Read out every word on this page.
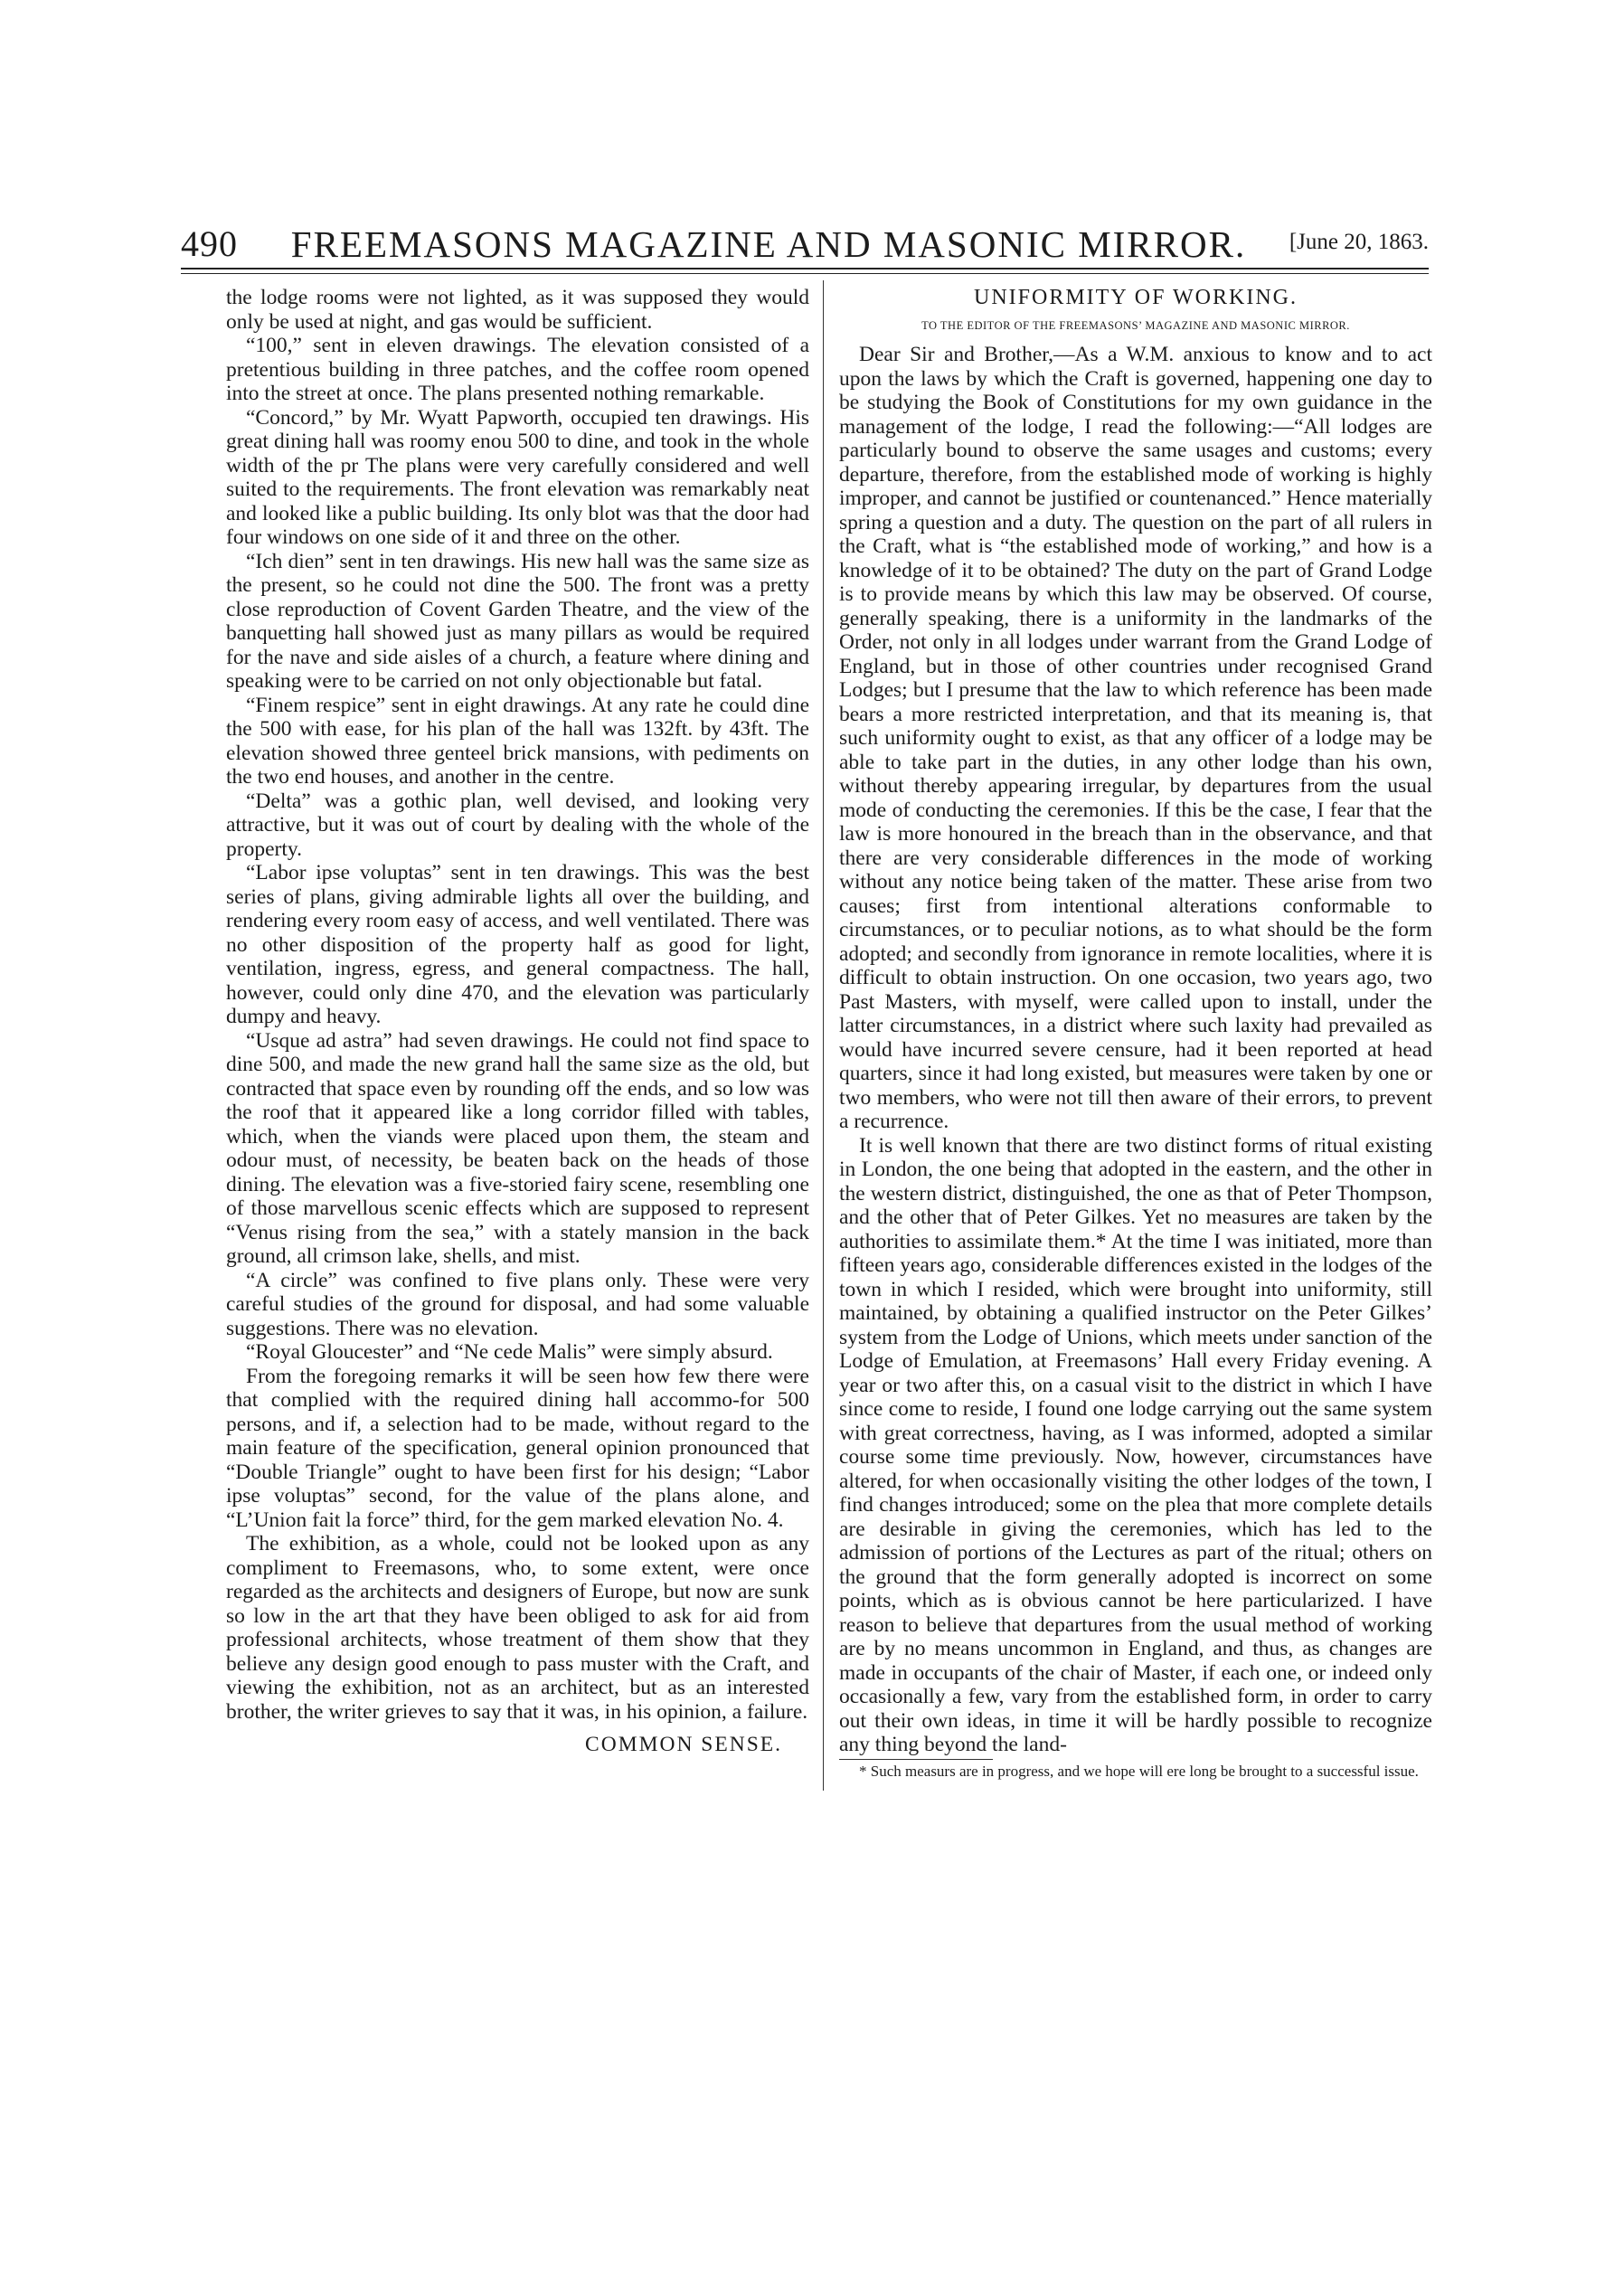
490	FREEMASONS MAGAZINE AND MASONIC MIRROR.	[June 20, 1863.

the lodge rooms were not lighted, as it was supposed they would only be used at night, and gas would be sufficient.

“100,” sent in eleven drawings. The elevation consisted of a pretentious building in three patches, and the coffee room opened into the street at once. The plans presented nothing remarkable.

“Concord,” by Mr. Wyatt Papworth, occupied ten drawings. His great dining hall was roomy enou 500 to dine, and took in the whole width of the pr The plans were very carefully considered and well suited to the requirements. The front elevation was remarkably neat and looked like a public building. Its only blot was that the door had four windows on one side of it and three on the other.

“Ich dien” sent in ten drawings. His new hall was the same size as the present, so he could not dine the 500. The front was a pretty close reproduction of Covent Garden Theatre, and the view of the banquetting hall showed just as many pillars as would be required for the nave and side aisles of a church, a feature where dining and speaking were to be carried on not only objectionable but fatal.

“Finem respice” sent in eight drawings. At any rate he could dine the 500 with ease, for his plan of the hall was 132ft. by 43ft. The elevation showed three genteel brick mansions, with pediments on the two end houses, and another in the centre.

“Delta” was a gothic plan, well devised, and looking very attractive, but it was out of court by dealing with the whole of the property.

“Labor ipse voluptas” sent in ten drawings. This was the best series of plans, giving admirable lights all over the building, and rendering every room easy of access, and well ventilated. There was no other disposition of the property half as good for light, ventilation, ingress, egress, and general compactness. The hall, however, could only dine 470, and the elevation was particularly dumpy and heavy.

“Usque ad astra” had seven drawings. He could not find space to dine 500, and made the new grand hall the same size as the old, but contracted that space even by rounding off the ends, and so low was the roof that it appeared like a long corridor filled with tables, which, when the viands were placed upon them, the steam and odour must, of necessity, be beaten back on the heads of those dining. The elevation was a five-storied fairy scene, resembling one of those marvellous scenic effects which are supposed to represent “Venus rising from the sea,” with a stately mansion in the back ground, all crimson lake, shells, and mist.

“A circle” was confined to five plans only. These were very careful studies of the ground for disposal, and had some valuable suggestions. There was no elevation.

“Royal Gloucester” and “Ne cede Malis” were simply absurd.

From the foregoing remarks it will be seen how few there were that complied with the required dining hall accommo-for 500 persons, and if, a selection had to be made, without regard to the main feature of the specification, general opinion pronounced that “Double Triangle” ought to have been first for his design; “Labor ipse voluptas” second, for the value of the plans alone, and “L’Union fait la force” third, for the gem marked elevation No. 4.

The exhibition, as a whole, could not be looked upon as any compliment to Freemasons, who, to some extent, were once regarded as the architects and designers of Europe, but now are sunk so low in the art that they have been obliged to ask for aid from professional architects, whose treatment of them show that they believe any design good enough to pass muster with the Craft, and viewing the exhibition, not as an architect, but as an interested brother, the writer grieves to say that it was, in his opinion, a failure.

COMMON SENSE.

UNIFORMITY OF WORKING.

TO THE EDITOR OF THE FREEMASONS’ MAGAZINE AND MASONIC MIRROR.

Dear Sir and Brother,—As a W.M. anxious to know and to act upon the laws by which the Craft is governed, happening one day to be studying the Book of Constitutions for my own guidance in the management of the lodge, I read the following:—“All lodges are particularly bound to observe the same usages and customs; every departure, therefore, from the established mode of working is highly improper, and cannot be justified or countenanced.” Hence materially spring a question and a duty. The question on the part of all rulers in the Craft, what is “the established mode of working,” and how is a knowledge of it to be obtained? The duty on the part of Grand Lodge is to provide means by which this law may be observed. Of course, generally speaking, there is a uniformity in the landmarks of the Order, not only in all lodges under warrant from the Grand Lodge of England, but in those of other countries under recognised Grand Lodges; but I presume that the law to which reference has been made bears a more restricted interpretation, and that its meaning is, that such uniformity ought to exist, as that any officer of a lodge may be able to take part in the duties, in any other lodge than his own, without thereby appearing irregular, by departures from the usual mode of conducting the ceremonies. If this be the case, I fear that the law is more honoured in the breach than in the observance, and that there are very considerable differences in the mode of working without any notice being taken of the matter. These arise from two causes; first from intentional alterations conformable to circumstances, or to peculiar notions, as to what should be the form adopted; and secondly from ignorance in remote localities, where it is difficult to obtain instruction. On one occasion, two years ago, two Past Masters, with myself, were called upon to install, under the latter circumstances, in a district where such laxity had prevailed as would have incurred severe censure, had it been reported at head quarters, since it had long existed, but measures were taken by one or two members, who were not till then aware of their errors, to prevent a recurrence.

It is well known that there are two distinct forms of ritual existing in London, the one being that adopted in the eastern, and the other in the western district, distinguished, the one as that of Peter Thompson, and the other that of Peter Gilkes. Yet no measures are taken by the authorities to assimilate them.* At the time I was initiated, more than fifteen years ago, considerable differences existed in the lodges of the town in which I resided, which were brought into uniformity, still maintained, by obtaining a qualified instructor on the Peter Gilkes’ system from the Lodge of Unions, which meets under sanction of the Lodge of Emulation, at Freemasons’ Hall every Friday evening. A year or two after this, on a casual visit to the district in which I have since come to reside, I found one lodge carrying out the same system with great correctness, having, as I was informed, adopted a similar course some time previously. Now, however, circumstances have altered, for when occasionally visiting the other lodges of the town, I find changes introduced; some on the plea that more complete details are desirable in giving the ceremonies, which has led to the admission of portions of the Lectures as part of the ritual; others on the ground that the form generally adopted is incorrect on some points, which as is obvious cannot be here particularized. I have reason to believe that departures from the usual method of working are by no means uncommon in England, and thus, as changes are made in occupants of the chair of Master, if each one, or indeed only occasionally a few, vary from the established form, in order to carry out their own ideas, in time it will be hardly possible to recognize any thing beyond the land-

* Such measurs are in progress, and we hope will ere long be brought to a successful issue.
